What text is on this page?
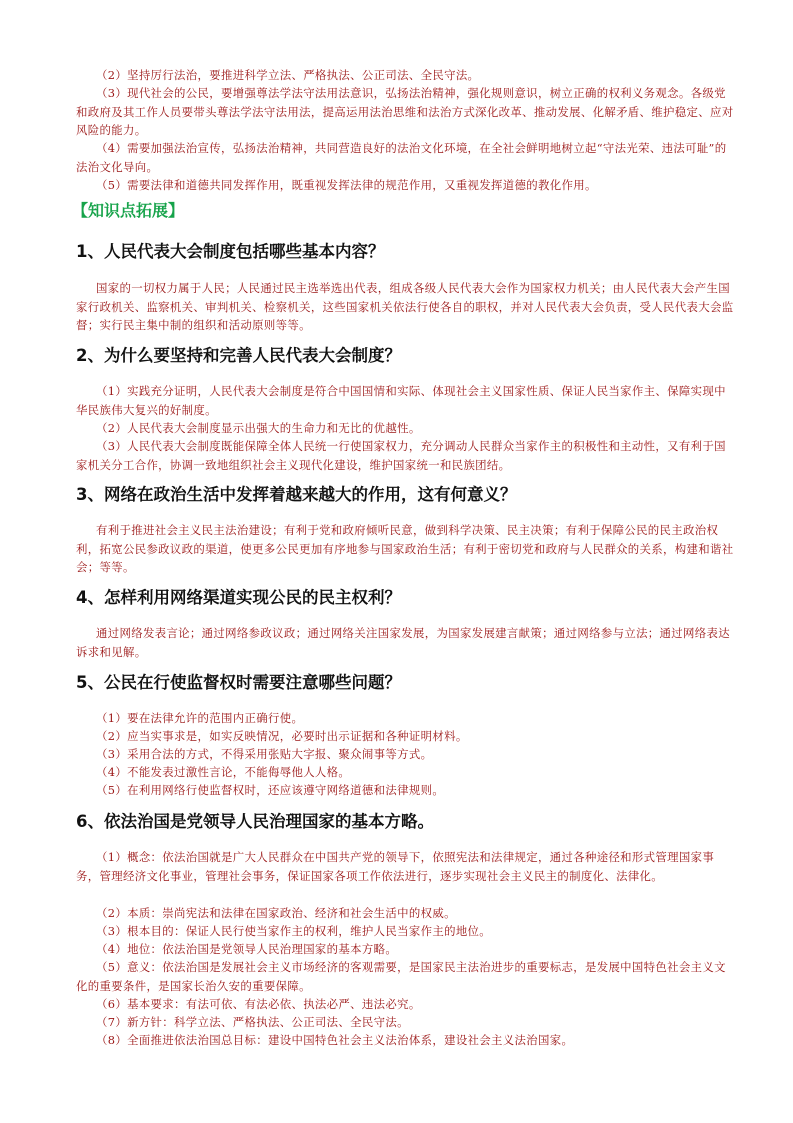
（2）坚持厉行法治，要推进科学立法、严格执法、公正司法、全民守法。

（3）现代社会的公民，要增强尊法学法守法用法意识，弘扬法治精神，强化规则意识，树立正确的权利义务观念。各级党和政府及其工作人员要带头尊法学法守法用法，提高运用法治思维和法治方式深化改革、推动发展、化解矛盾、维护稳定、应对风险的能力。

（4）需要加强法治宣传，弘扬法治精神，共同营造良好的法治文化环境，在全社会鲜明地树立起“守法光荣、违法可耻”的法治文化导向。

（5）需要法律和道德共同发挥作用，既重视发挥法律的规范作用，又重视发挥道德的教化作用。

【知识点拓展】
1、人民代表大会制度包括哪些基本内容？

国家的一切权力属于人民；人民通过民主选举选出代表，组成各级人民代表大会作为国家权力机关；由人民代表大会产生国家行政机关、监察机关、审判机关、检察机关，这些国家机关依法行使各自的职权，并对人民代表大会负责，受人民代表大会监督；实行民主集中制的组织和活动原则等等。

2、为什么要坚持和完善人民代表大会制度？

（1）实践充分证明，人民代表大会制度是符合中国国情和实际、体现社会主义国家性质、保证人民当家作主、保障实现中华民族伟大复兴的好制度。

（2）人民代表大会制度显示出强大的生命力和无比的优越性。

（3）人民代表大会制度既能保障全体人民统一行使国家权力，充分调动人民群众当家作主的积极性和主动性，又有利于国家机关分工合作，协调一致地组织社会主义现代化建设，维护国家统一和民族团结。

3、网络在政治生活中发挥着越来越大的作用，这有何意义？

有利于推进社会主义民主法治建设；有利于党和政府倾听民意，做到科学决策、民主决策；有利于保障公民的民主政治权利，拓宽公民参政议政的渠道，使更多公民更加有序地参与国家政治生活；有利于密切党和政府与人民群众的关系，构建和谐社会；等等。

4、怎样利用网络渠道实现公民的民主权利？

通过网络发表言论；通过网络参政议政；通过网络关注国家发展，为国家发展建言献策；通过网络参与立法；通过网络表达诉求和见解。

5、公民在行使监督权时需要注意哪些问题？

（1）要在法律允许的范围内正确行使。

（2）应当实事求是，如实反映情况，必要时出示证据和各种证明材料。

（3）采用合法的方式，不得采用张贴大字报、聚众闹事等方式。

（4）不能发表过激性言论，不能侮辱他人人格。

（5）在利用网络行使监督权时，还应该遵守网络道德和法律规则。

6、依法治国是党领导人民治理国家的基本方略。

（1）概念：依法治国就是广大人民群众在中国共产党的领导下，依照宪法和法律规定，通过各种途径和形式管理国家事务，管理经济文化事业，管理社会事务，保证国家各项工作依法进行，逐步实现社会主义民主的制度化、法律化。

（2）本质：崇尚宪法和法律在国家政治、经济和社会生活中的权威。

（3）根本目的：保证人民行使当家作主的权利，维护人民当家作主的地位。

（4）地位：依法治国是党领导人民治理国家的基本方略。

（5）意义：依法治国是发展社会主义市场经济的客观需要，是国家民主法治进步的重要标志，是发展中国特色社会主义文化的重要条件，是国家长治久安的重要保障。

（6）基本要求：有法可依、有法必依、执法必严、违法必究。

（7）新方针：科学立法、严格执法、公正司法、全民守法。

（8）全面推进依法治国总目标：建设中国特色社会主义法治体系，建设社会主义法治国家。
